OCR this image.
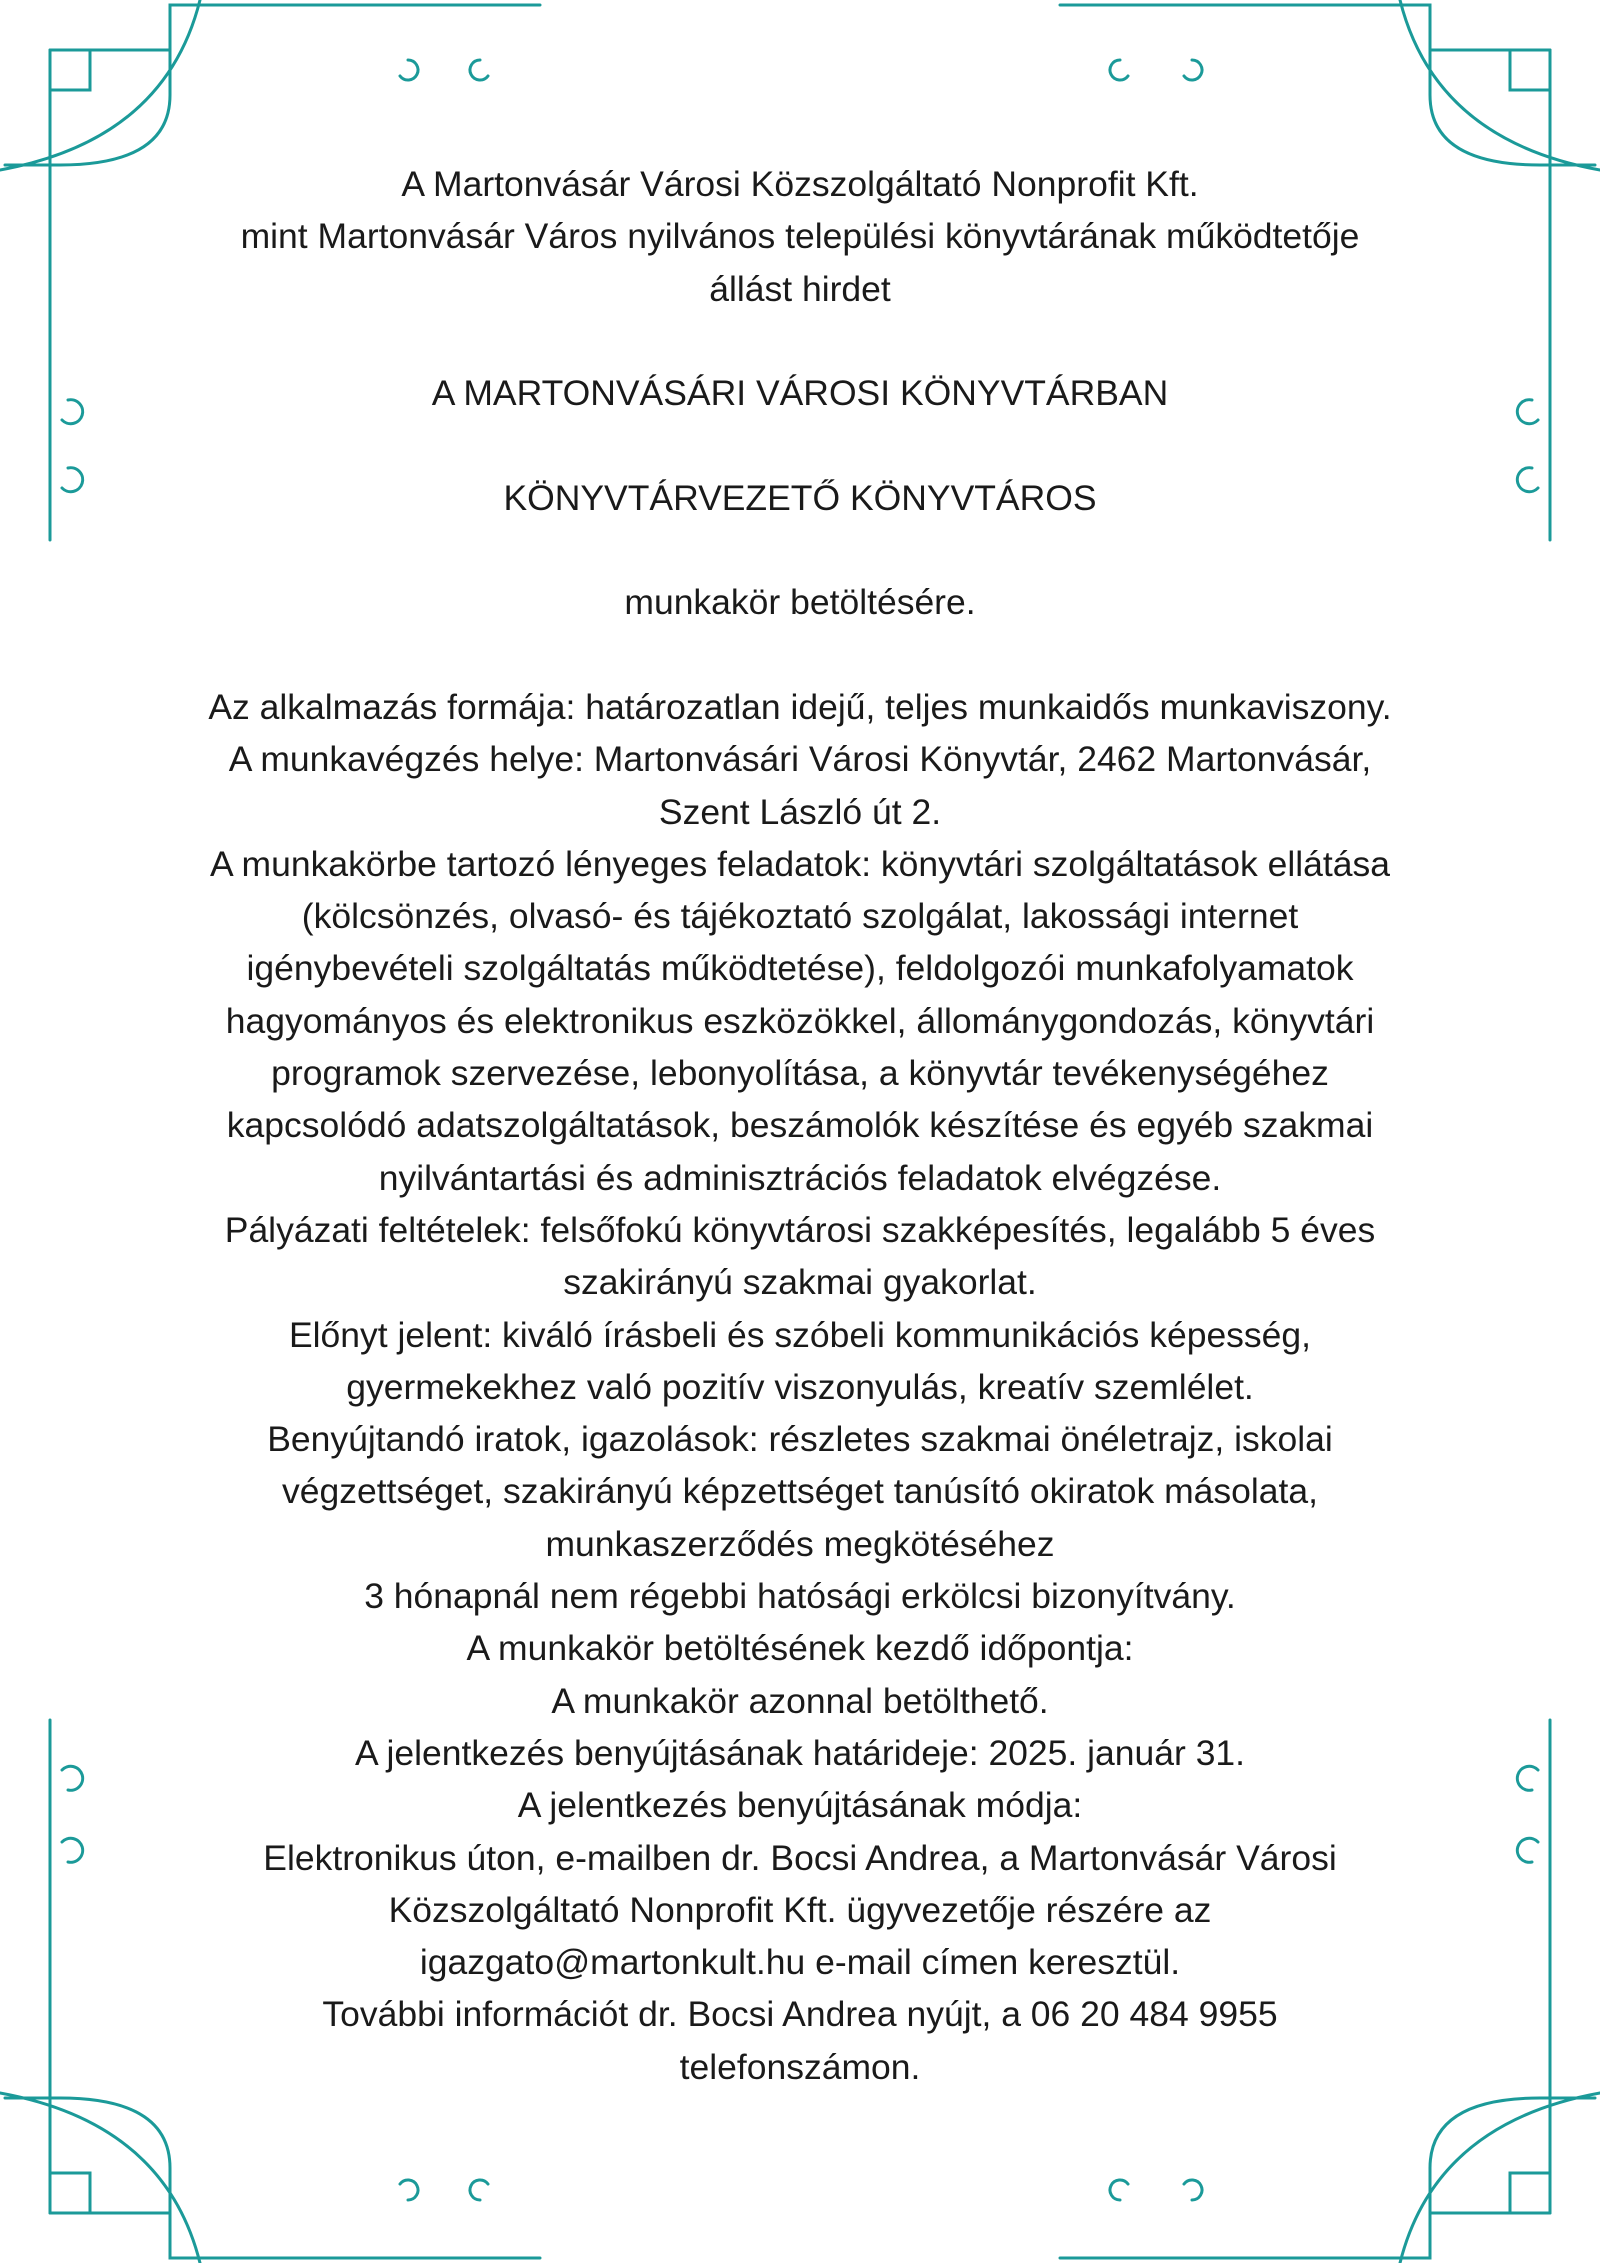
A Martonvásár Városi Közszolgáltató Nonprofit Kft.
mint Martonvásár Város nyilvános települési könyvtárának működtetője
állást hirdet
A MARTONVÁSÁRI VÁROSI KÖNYVTÁRBAN
KÖNYVTÁRVEZETŐ KÖNYVTÁROS
munkakör betöltésére.
Az alkalmazás formája: határozatlan idejű, teljes munkaidős munkaviszony.
A munkavégzés helye: Martonvásári Városi Könyvtár, 2462 Martonvásár,
Szent László út 2.
A munkakörbe tartozó lényeges feladatok: könyvtári szolgáltatások ellátása
(kölcsönzés, olvasó- és tájékoztató szolgálat, lakossági internet
igénybevételi szolgáltatás működtetése), feldolgozói munkafolyamatok
hagyományos és elektronikus eszközökkel, állománygondozás, könyvtári
programok szervezése, lebonyolítása, a könyvtár tevékenységéhez
kapcsolódó adatszolgáltatások, beszámolók készítése és egyéb szakmai
nyilvántartási és adminisztrációs feladatok elvégzése.
Pályázati feltételek: felsőfokú könyvtárosi szakképesítés, legalább 5 éves
szakirányú szakmai gyakorlat.
Előnyt jelent: kiváló írásbeli és szóbeli kommunikációs képesség,
gyermekekhez való pozitív viszonyulás, kreatív szemlélet.
Benyújtandó iratok, igazolások: részletes szakmai önéletrajz, iskolai
végzettséget, szakirányú képzettséget tanúsító okiratok másolata,
munkaszerződés megkötéséhez
3 hónapnál nem régebbi hatósági erkölcsi bizonyítvány.
A munkakör betöltésének kezdő időpontja:
A munkakör azonnal betölthető.
A jelentkezés benyújtásának határideje: 2025. január 31.
A jelentkezés benyújtásának módja:
Elektronikus úton, e-mailben dr. Bocsi Andrea, a Martonvásár Városi
Közszolgáltató Nonprofit Kft. ügyvezetője részére az
igazgato@martonkult.hu e-mail címen keresztül.
További információt dr. Bocsi Andrea nyújt, a 06 20 484 9955
telefonszámon.
